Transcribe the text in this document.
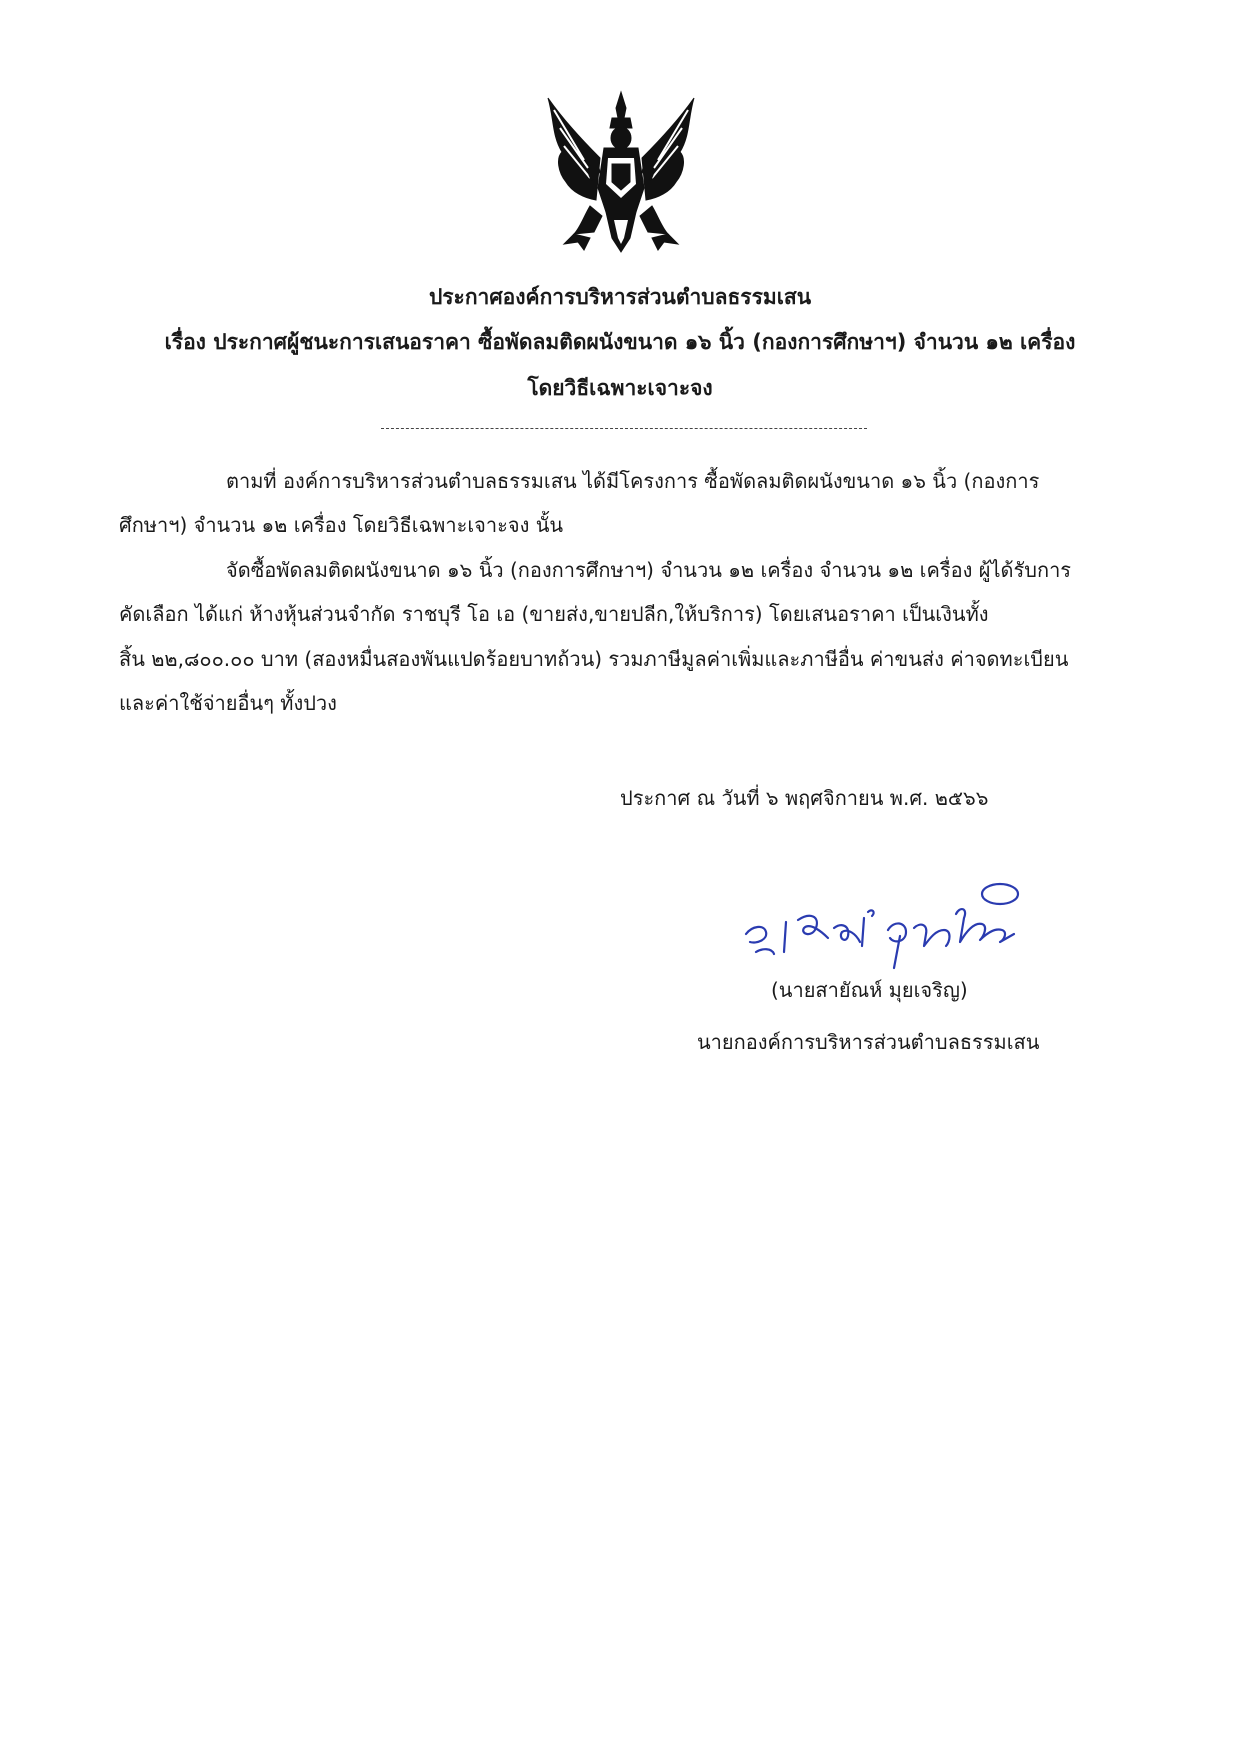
ประกาศองค์การบริหารส่วนตำบลธรรมเสน
เรื่อง ประกาศผู้ชนะการเสนอราคา ซื้อพัดลมติดผนังขนาด ๑๖ นิ้ว (กองการศึกษาฯ) จำนวน ๑๒ เครื่อง
โดยวิธีเฉพาะเจาะจง
ตามที่ องค์การบริหารส่วนตำบลธรรมเสน ได้มีโครงการ ซื้อพัดลมติดผนังขนาด ๑๖ นิ้ว (กองการ
ศึกษาฯ) จำนวน ๑๒ เครื่อง โดยวิธีเฉพาะเจาะจง นั้น
จัดซื้อพัดลมติดผนังขนาด ๑๖ นิ้ว (กองการศึกษาฯ) จำนวน ๑๒ เครื่อง จำนวน ๑๒ เครื่อง ผู้ได้รับการ
คัดเลือก ได้แก่ ห้างหุ้นส่วนจำกัด ราชบุรี โอ เอ (ขายส่ง,ขายปลีก,ให้บริการ) โดยเสนอราคา เป็นเงินทั้ง
สิ้น ๒๒,๘๐๐.๐๐ บาท (สองหมื่นสองพันแปดร้อยบาทถ้วน) รวมภาษีมูลค่าเพิ่มและภาษีอื่น ค่าขนส่ง ค่าจดทะเบียน
และค่าใช้จ่ายอื่นๆ ทั้งปวง
ประกาศ ณ วันที่ ๖ พฤศจิกายน พ.ศ. ๒๕๖๖
(นายสายัณห์ มุยเจริญ)
นายกองค์การบริหารส่วนตำบลธรรมเสน
